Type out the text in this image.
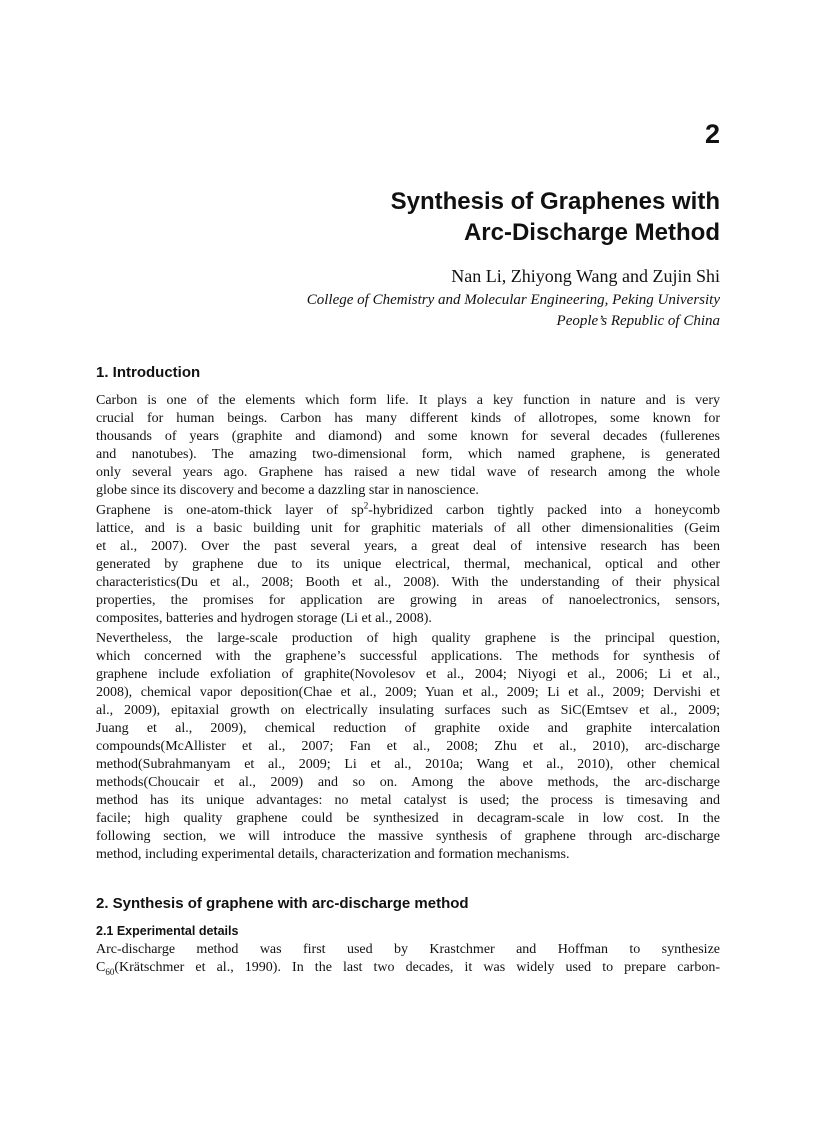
2
Synthesis of Graphenes with
Arc-Discharge Method
Nan Li, Zhiyong Wang and Zujin Shi
College of Chemistry and Molecular Engineering, Peking University
People’s Republic of China
1. Introduction
Carbon is one of the elements which form life. It plays a key function in nature and is very
crucial for human beings. Carbon has many different kinds of allotropes, some known for
thousands of years (graphite and diamond) and some known for several decades (fullerenes
and nanotubes). The amazing two-dimensional form, which named graphene, is generated
only several years ago. Graphene has raised a new tidal wave of research among the whole
globe since its discovery and become a dazzling star in nanoscience.
Graphene is one-atom-thick layer of $sp^2$-hybridized carbon tightly packed into a honeycomb
lattice, and is a basic building unit for graphitic materials of all other dimensionalities (Geim
et al., 2007). Over the past several years, a great deal of intensive research has been
generated by graphene due to its unique electrical, thermal, mechanical, optical and other
characteristics(Du et al., 2008; Booth et al., 2008). With the understanding of their physical
properties, the promises for application are growing in areas of nanoelectronics, sensors,
composites, batteries and hydrogen storage (Li et al., 2008).
Nevertheless, the large-scale production of high quality graphene is the principal question,
which concerned with the graphene’s successful applications. The methods for synthesis of
graphene include exfoliation of graphite(Novolesov et al., 2004; Niyogi et al., 2006; Li et al.,
2008), chemical vapor deposition(Chae et al., 2009; Yuan et al., 2009; Li et al., 2009; Dervishi et
al., 2009), epitaxial growth on electrically insulating surfaces such as SiC(Emtsev et al., 2009;
Juang et al., 2009), chemical reduction of graphite oxide and graphite intercalation
compounds(McAllister et al., 2007; Fan et al., 2008; Zhu et al., 2010), arc-discharge
method(Subrahmanyam et al., 2009; Li et al., 2010a; Wang et al., 2010), other chemical
methods(Choucair et al., 2009) and so on. Among the above methods, the arc-discharge
method has its unique advantages: no metal catalyst is used; the process is timesaving and
facile; high quality graphene could be synthesized in decagram-scale in low cost. In the
following section, we will introduce the massive synthesis of graphene through arc-discharge
method, including experimental details, characterization and formation mechanisms.
2. Synthesis of graphene with arc-discharge method
2.1 Experimental details
Arc-discharge method was first used by Krastchmer and Hoffman to synthesize
$C_{60}(Krätschmer$ et al., 1990). In the last two decades, it was widely used to prepare carbon-
